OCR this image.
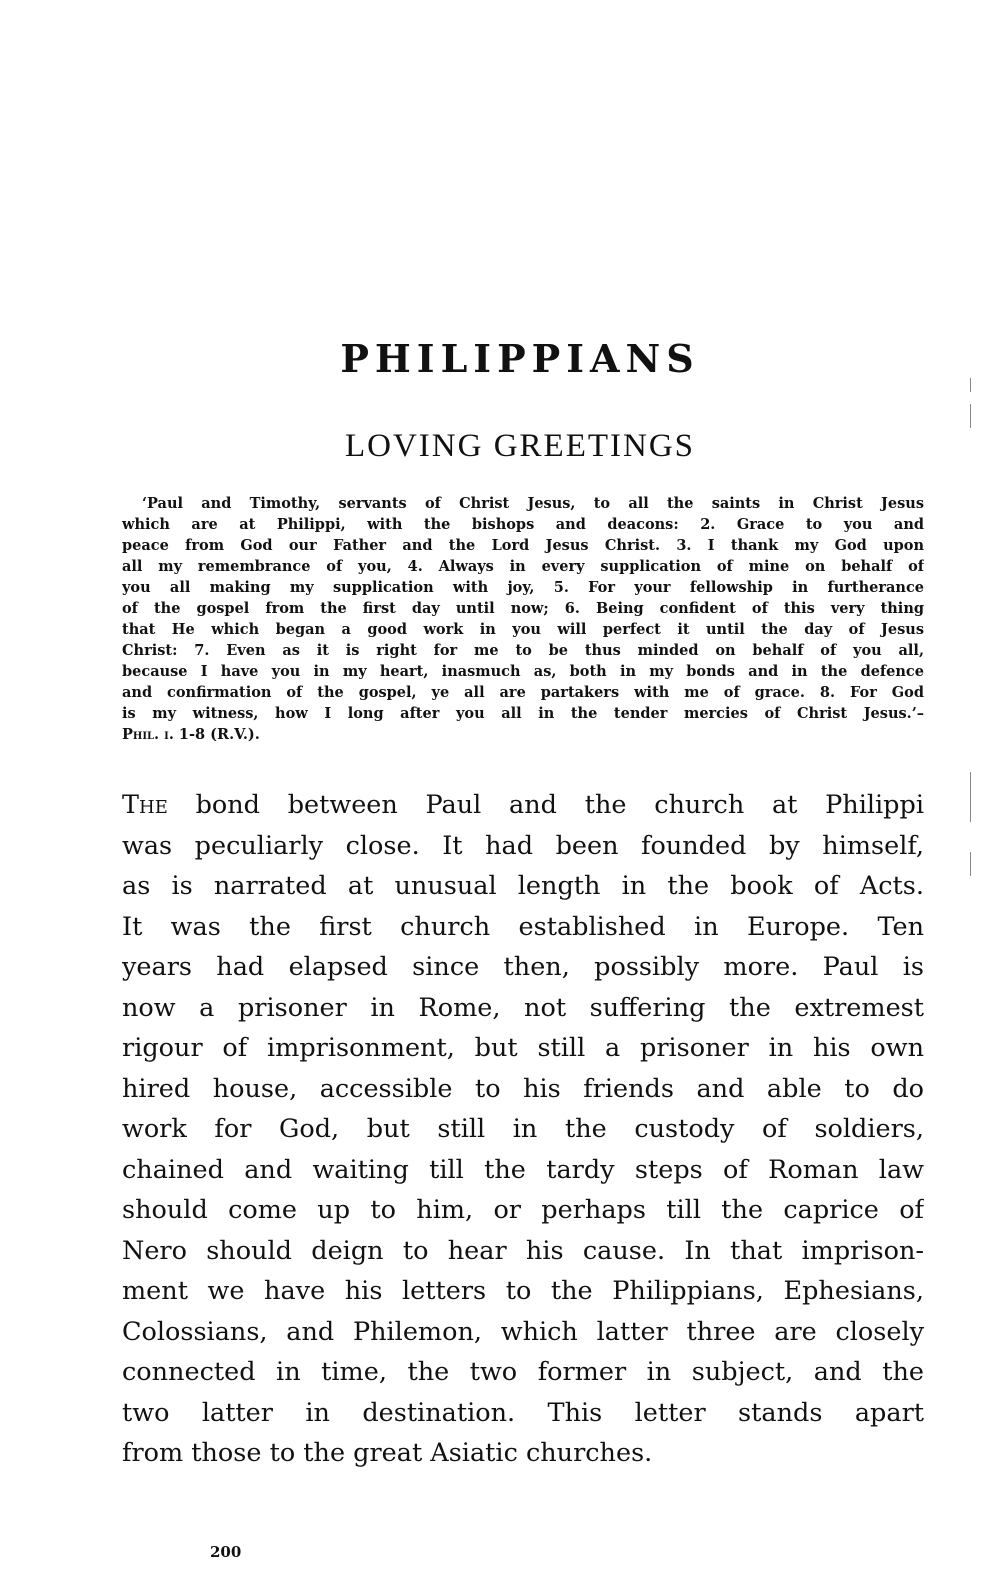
PHILIPPIANS
LOVING GREETINGS
‘Paul and Timothy, servants of Christ Jesus, to all the saints in Christ Jesus
which are at Philippi, with the bishops and deacons: 2. Grace to you and
peace from God our Father and the Lord Jesus Christ. 3. I thank my God upon
all my remembrance of you, 4. Always in every supplication of mine on behalf of
you all making my supplication with joy, 5. For your fellowship in furtherance
of the gospel from the first day until now; 6. Being confident of this very thing
that He which began a good work in you will perfect it until the day of Jesus
Christ: 7. Even as it is right for me to be thus minded on behalf of you all,
because I have you in my heart, inasmuch as, both in my bonds and in the defence
and confirmation of the gospel, ye all are partakers with me of grace. 8. For God
is my witness, how I long after you all in the tender mercies of Christ Jesus.’–
Phil. i. 1-8 (R.V.).
The bond between Paul and the church at Philippi
was peculiarly close. It had been founded by himself,
as is narrated at unusual length in the book of Acts.
It was the first church established in Europe. Ten
years had elapsed since then, possibly more. Paul is
now a prisoner in Rome, not suffering the extremest
rigour of imprisonment, but still a prisoner in his own
hired house, accessible to his friends and able to do
work for God, but still in the custody of soldiers,
chained and waiting till the tardy steps of Roman law
should come up to him, or perhaps till the caprice of
Nero should deign to hear his cause. In that imprison-
ment we have his letters to the Philippians, Ephesians,
Colossians, and Philemon, which latter three are closely
connected in time, the two former in subject, and the
two latter in destination. This letter stands apart
from those to the great Asiatic churches.
200
